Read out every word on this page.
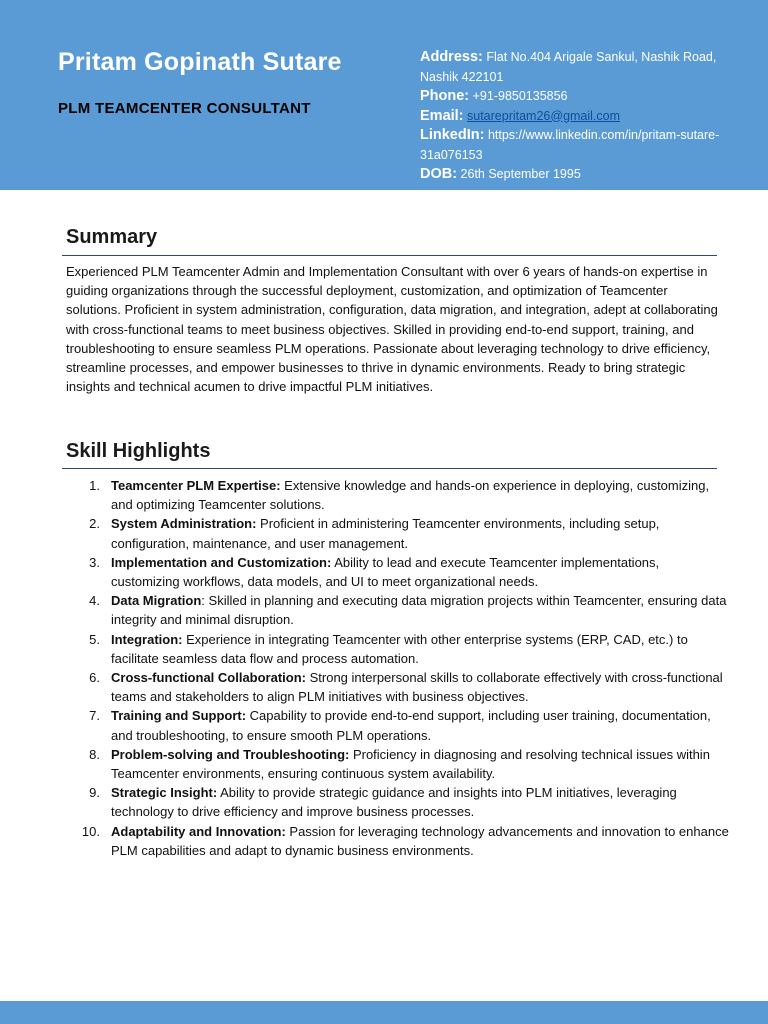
Pritam Gopinath Sutare
PLM TEAMCENTER CONSULTANT
Address: Flat No.404 Arigale Sankul, Nashik Road, Nashik 422101
Phone: +91-9850135856
Email: sutarepritam26@gmail.com
LinkedIn: https://www.linkedin.com/in/pritam-sutare-31a076153
DOB: 26th September 1995
Summary
Experienced PLM Teamcenter Admin and Implementation Consultant with over 6 years of hands-on expertise in guiding organizations through the successful deployment, customization, and optimization of Teamcenter solutions. Proficient in system administration, configuration, data migration, and integration, adept at collaborating with cross-functional teams to meet business objectives. Skilled in providing end-to-end support, training, and troubleshooting to ensure seamless PLM operations. Passionate about leveraging technology to drive efficiency, streamline processes, and empower businesses to thrive in dynamic environments. Ready to bring strategic insights and technical acumen to drive impactful PLM initiatives.
Skill Highlights
1. Teamcenter PLM Expertise: Extensive knowledge and hands-on experience in deploying, customizing, and optimizing Teamcenter solutions.
2. System Administration: Proficient in administering Teamcenter environments, including setup, configuration, maintenance, and user management.
3. Implementation and Customization: Ability to lead and execute Teamcenter implementations, customizing workflows, data models, and UI to meet organizational needs.
4. Data Migration: Skilled in planning and executing data migration projects within Teamcenter, ensuring data integrity and minimal disruption.
5. Integration: Experience in integrating Teamcenter with other enterprise systems (ERP, CAD, etc.) to facilitate seamless data flow and process automation.
6. Cross-functional Collaboration: Strong interpersonal skills to collaborate effectively with cross-functional teams and stakeholders to align PLM initiatives with business objectives.
7. Training and Support: Capability to provide end-to-end support, including user training, documentation, and troubleshooting, to ensure smooth PLM operations.
8. Problem-solving and Troubleshooting: Proficiency in diagnosing and resolving technical issues within Teamcenter environments, ensuring continuous system availability.
9. Strategic Insight: Ability to provide strategic guidance and insights into PLM initiatives, leveraging technology to drive efficiency and improve business processes.
10. Adaptability and Innovation: Passion for leveraging technology advancements and innovation to enhance PLM capabilities and adapt to dynamic business environments.
